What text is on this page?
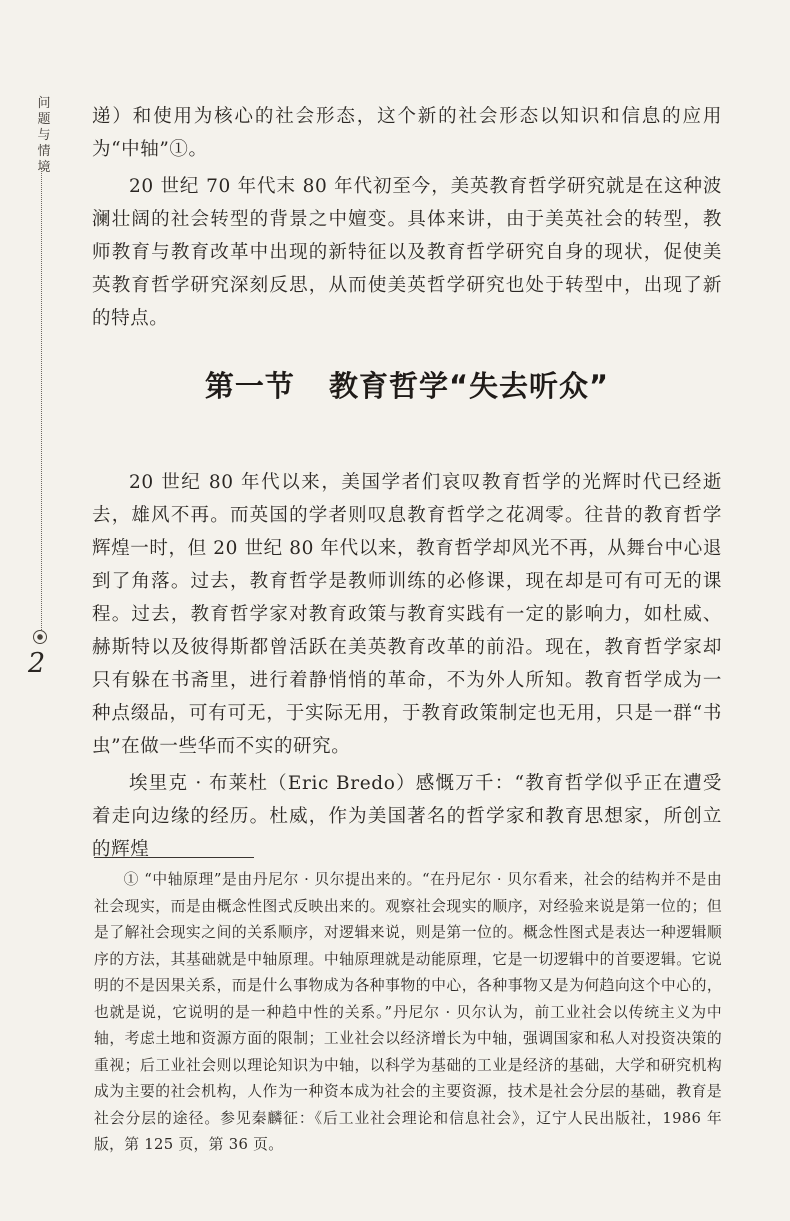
问
题
与
情
境
2

递）和使用为核心的社会形态，这个新的社会形态以知识和信息的应用为“中轴”①。

20 世纪 70 年代末 80 年代初至今，美英教育哲学研究就是在这种波澜壮阔的社会转型的背景之中嬗变。具体来讲，由于美英社会的转型，教师教育与教育改革中出现的新特征以及教育哲学研究自身的现状，促使美英教育哲学研究深刻反思，从而使美英哲学研究也处于转型中，出现了新的特点。

第一节 教育哲学“失去听众”

20 世纪 80 年代以来，美国学者们哀叹教育哲学的光辉时代已经逝去，雄风不再。而英国的学者则叹息教育哲学之花凋零。往昔的教育哲学辉煌一时，但 20 世纪 80 年代以来，教育哲学却风光不再，从舞台中心退到了角落。过去，教育哲学是教师训练的必修课，现在却是可有可无的课程。过去，教育哲学家对教育政策与教育实践有一定的影响力，如杜威、赫斯特以及彼得斯都曾活跃在美英教育改革的前沿。现在，教育哲学家却只有躲在书斋里，进行着静悄悄的革命，不为外人所知。教育哲学成为一种点缀品，可有可无，于实际无用，于教育政策制定也无用，只是一群“书虫”在做一些华而不实的研究。

埃里克 · 布莱杜（Eric Bredo）感慨万千：“教育哲学似乎正在遭受着走向边缘的经历。杜威，作为美国著名的哲学家和教育思想家，所创立的辉煌

① “中轴原理”是由丹尼尔 · 贝尔提出来的。“在丹尼尔 · 贝尔看来，社会的结构并不是由社会现实，而是由概念性图式反映出来的。观察社会现实的顺序，对经验来说是第一位的；但是了解社会现实之间的关系顺序，对逻辑来说，则是第一位的。概念性图式是表达一种逻辑顺序的方法，其基础就是中轴原理。中轴原理就是动能原理，它是一切逻辑中的首要逻辑。它说明的不是因果关系，而是什么事物成为各种事物的中心，各种事物又是为何趋向这个中心的，也就是说，它说明的是一种趋中性的关系。”丹尼尔 · 贝尔认为，前工业社会以传统主义为中轴，考虑土地和资源方面的限制；工业社会以经济增长为中轴，强调国家和私人对投资决策的重视；后工业社会则以理论知识为中轴，以科学为基础的工业是经济的基础，大学和研究机构成为主要的社会机构，人作为一种资本成为社会的主要资源，技术是社会分层的基础，教育是社会分层的途径。参见秦麟征：《后工业社会理论和信息社会》，辽宁人民出版社，1986 年版，第 125 页，第 36 页。
